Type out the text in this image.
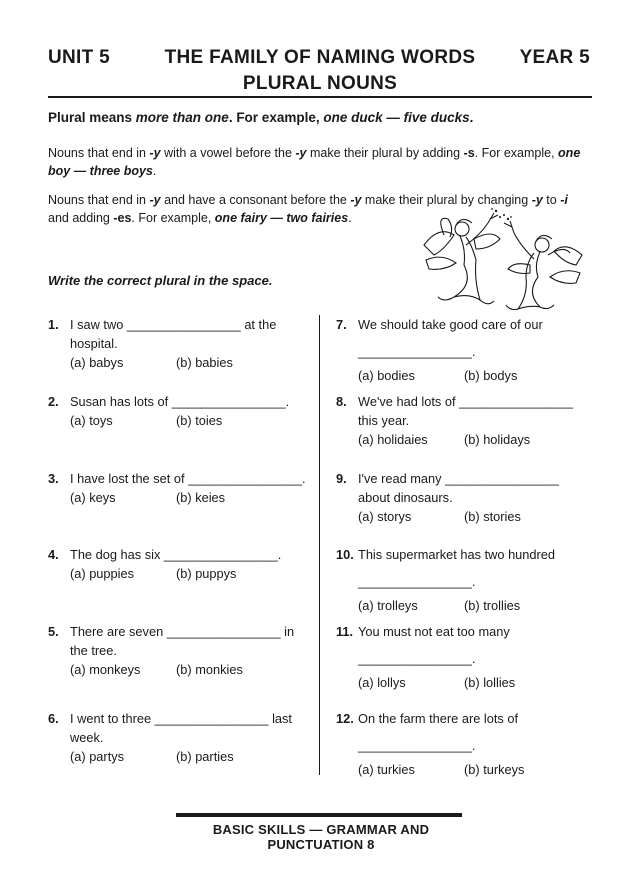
UNIT 5	THE FAMILY OF NAMING WORDS	YEAR 5
PLURAL NOUNS
Plural means more than one. For example, one duck — five ducks.
Nouns that end in -y with a vowel before the -y make their plural by adding -s. For example, one boy — three boys.
Nouns that end in -y and have a consonant before the -y make their plural by changing -y to -i and adding -es. For example, one fairy — two fairies.
Write the correct plural in the space.
1. I saw two ________________ at the
hospital.
(a) babys	(b) babies
2. Susan has lots of ________________.
(a) toys	(b) toies
3. I have lost the set of ________________.
(a) keys	(b) keies
4. The dog has six ________________.
(a) puppies	(b) puppys
5. There are seven ________________ in
the tree.
(a) monkeys	(b) monkies
6. I went to three ________________ last
week.
(a) partys	(b) parties
7. We should take good care of our
________________.
(a) bodies	(b) bodys
8. We've had lots of ________________
this year.
(a) holidaies	(b) holidays
9. I've read many ________________
about dinosaurs.
(a) storys	(b) stories
10. This supermarket has two hundred
________________.
(a) trolleys	(b) trollies
11. You must not eat too many
________________.
(a) lollys	(b) lollies
12. On the farm there are lots of
________________.
(a) turkies	(b) turkeys
BASIC SKILLS — GRAMMAR AND PUNCTUATION 8
